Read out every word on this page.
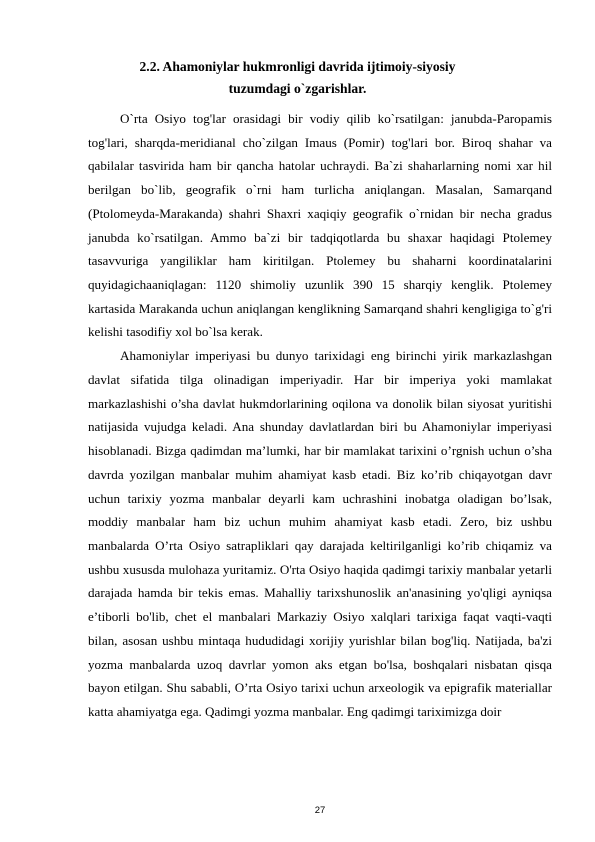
2.2. Ahamoniylar hukmronligi davrida ijtimoiy-siyosiy
tuzumdagi o`zgarishlar.

O`rta Osiyo tog'lar orasidagi bir vodiy qilib ko`rsatilgan: janubda-Paropamis tog'lari, sharqda-meridianal cho`zilgan Imaus (Pomir) tog'lari bor. Biroq shahar va qabilalar tasvirida ham bir qancha hatolar uchraydi. Ba`zi shaharlarning nomi xar hil berilgan bo`lib, geografik o`rni ham turlicha aniqlangan. Masalan, Samarqand (Ptolomeyda-Marakanda) shahri Shaxri xaqiqiy geografik o`rnidan bir necha gradus janubda ko`rsatilgan. Ammo ba`zi bir tadqiqotlarda bu shaxar haqidagi Ptolemey tasavvuriga yangiliklar ham kiritilgan. Ptolemey bu shaharni koordinatalarini quyidagichaaniqlagan: 1120 shimoliy uzunlik 390 15 sharqiy kenglik. Ptolemey kartasida Marakanda uchun aniqlangan kenglikning Samarqand shahri kengligiga to`g'ri kelishi tasodifiy xol bo`lsa kerak.

Ahamoniylar imperiyasi bu dunyo tarixidagi eng birinchi yirik markazlashgan davlat sifatida tilga olinadigan imperiyadir. Har bir imperiya yoki mamlakat markazlashishi o’sha davlat hukmdorlarining oqilona va donolik bilan siyosat yuritishi natijasida vujudga keladi. Ana shunday davlatlardan biri bu Ahamoniylar imperiyasi hisoblanadi. Bizga qadimdan ma’lumki, har bir mamlakat tarixini o’rgnish uchun o’sha davrda yozilgan manbalar muhim ahamiyat kasb etadi. Biz ko’rib chiqayotgan davr uchun tarixiy yozma manbalar deyarli kam uchrashini inobatga oladigan bo’lsak, moddiy manbalar ham biz uchun muhim ahamiyat kasb etadi. Zero, biz ushbu manbalarda O’rta Osiyo satrapliklari qay darajada keltirilganligi ko’rib chiqamiz va ushbu xususda mulohaza yuritamiz. O'rta Osiyo haqida qadimgi tarixiy manbalar yetarli darajada hamda bir tekis emas. Mahalliy tarixshunoslik an'anasining yo'qligi ayniqsa e’tiborli bo'lib, chet el manbalari Markaziy Osiyo xalqlari tarixiga faqat vaqti-vaqti bilan, asosan ushbu mintaqa hududidagi xorijiy yurishlar bilan bog'liq. Natijada, ba'zi yozma manbalarda uzoq davrlar yomon aks etgan bo'lsa, boshqalari nisbatan qisqa bayon etilgan. Shu sababli, O’rta Osiyo tarixi uchun arxeologik va epigrafik materiallar katta ahamiyatga ega. Qadimgi yozma manbalar. Eng qadimgi tariximizga doir

27
